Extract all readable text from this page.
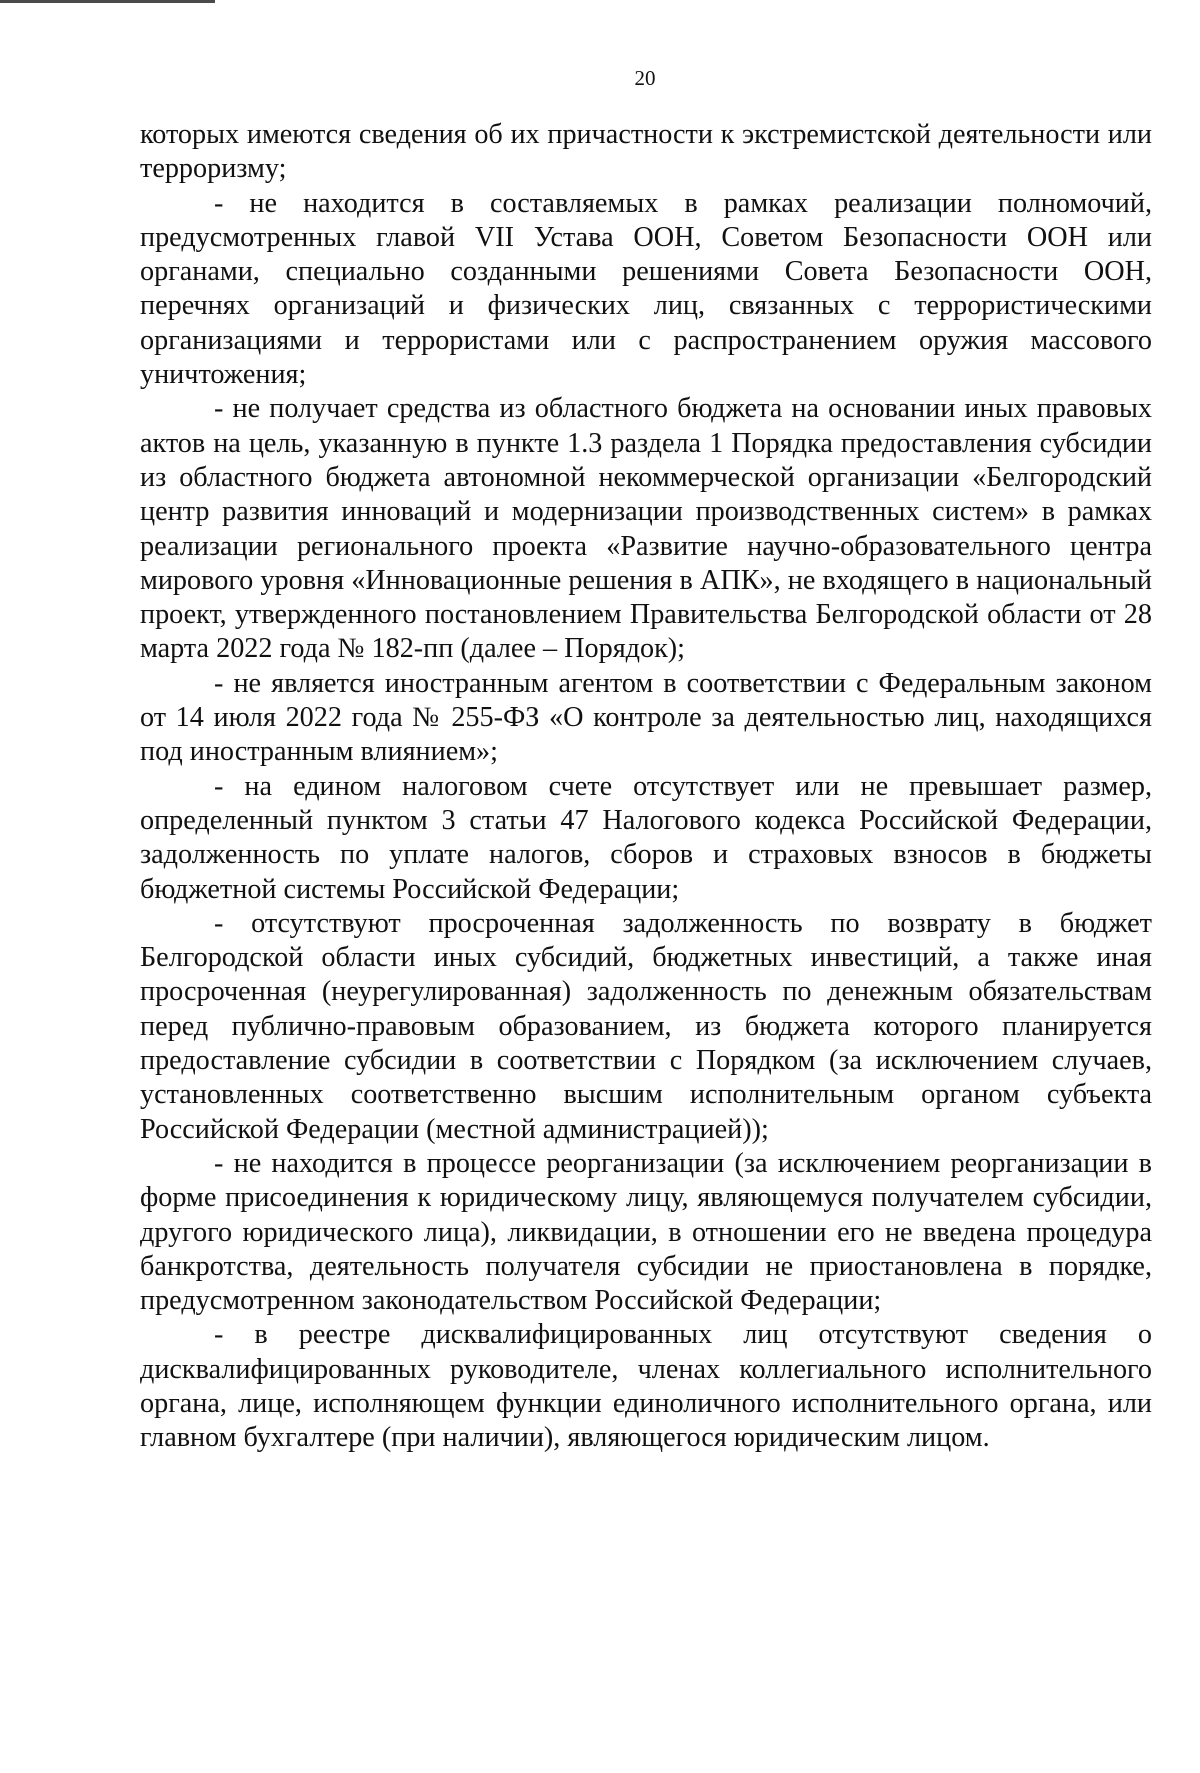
20

которых имеются сведения об их причастности к экстремистской деятельности или терроризму;

- не находится в составляемых в рамках реализации полномочий, предусмотренных главой VII Устава ООН, Советом Безопасности ООН или органами, специально созданными решениями Совета Безопасности ООН, перечнях организаций и физических лиц, связанных с террористическими организациями и террористами или с распространением оружия массового уничтожения;

- не получает средства из областного бюджета на основании иных правовых актов на цель, указанную в пункте 1.3 раздела 1 Порядка предоставления субсидии из областного бюджета автономной некоммерческой организации «Белгородский центр развития инноваций и модернизации производственных систем» в рамках реализации регионального проекта «Развитие научно-образовательного центра мирового уровня «Инновационные решения в АПК», не входящего в национальный проект, утвержденного постановлением Правительства Белгородской области от 28 марта 2022 года № 182-пп (далее – Порядок);

- не является иностранным агентом в соответствии с Федеральным законом от 14 июля 2022 года № 255-ФЗ «О контроле за деятельностью лиц, находящихся под иностранным влиянием»;

- на едином налоговом счете отсутствует или не превышает размер, определенный пунктом 3 статьи 47 Налогового кодекса Российской Федерации, задолженность по уплате налогов, сборов и страховых взносов в бюджеты бюджетной системы Российской Федерации;

- отсутствуют просроченная задолженность по возврату в бюджет Белгородской области иных субсидий, бюджетных инвестиций, а также иная просроченная (неурегулированная) задолженность по денежным обязательствам перед публично-правовым образованием, из бюджета которого планируется предоставление субсидии в соответствии с Порядком (за исключением случаев, установленных соответственно высшим исполнительным органом субъекта Российской Федерации (местной администрацией));

- не находится в процессе реорганизации (за исключением реорганизации в форме присоединения к юридическому лицу, являющемуся получателем субсидии, другого юридического лица), ликвидации, в отношении его не введена процедура банкротства, деятельность получателя субсидии не приостановлена в порядке, предусмотренном законодательством Российской Федерации;

- в реестре дисквалифицированных лиц отсутствуют сведения о дисквалифицированных руководителе, членах коллегиального исполнительного органа, лице, исполняющем функции единоличного исполнительного органа, или главном бухгалтере (при наличии), являющегося юридическим лицом.
